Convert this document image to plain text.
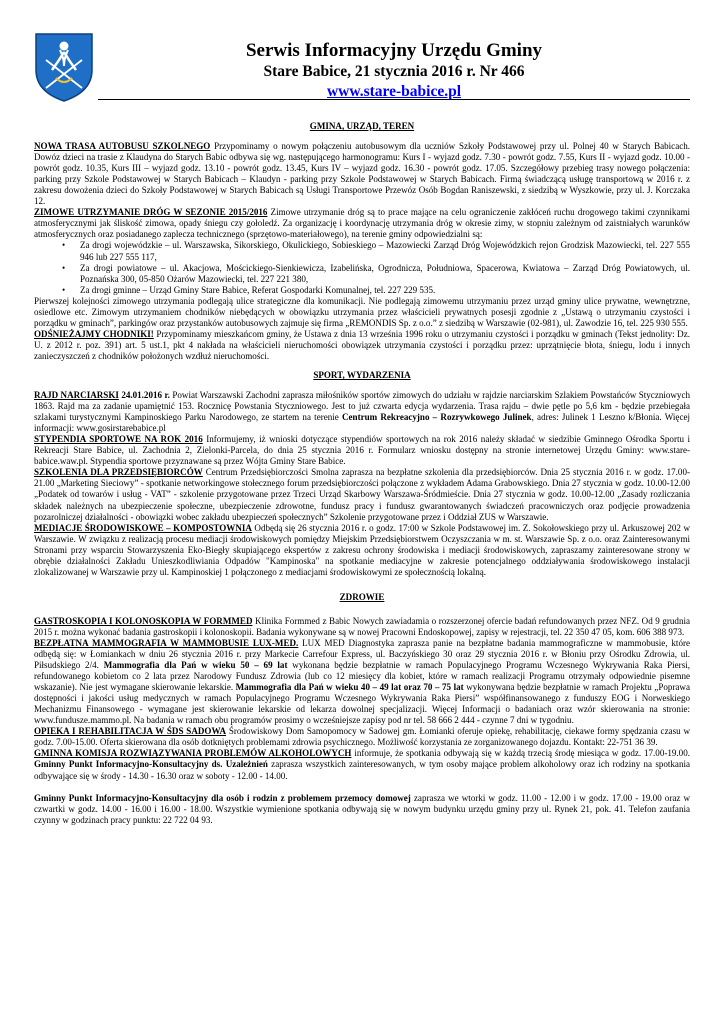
Serwis Informacyjny Urzędu Gminy
Stare Babice, 21 stycznia 2016 r. Nr 466
www.stare-babice.pl
GMINA, URZĄD, TEREN

NOWA TRASA AUTOBUSU SZKOLNEGO Przypominamy o nowym połączeniu autobusowym dla uczniów Szkoły Podstawowej przy ul. Polnej 40 w Starych Babicach. Dowóz dzieci na trasie z Klaudyna do Starych Babic odbywa się wg. następującego harmonogramu: Kurs I - wyjazd godz. 7.30 - powrót godz. 7.55, Kurs II - wyjazd godz. 10.00 - powrót godz. 10.35, Kurs III – wyjazd godz. 13.10 - powrót godz. 13.45, Kurs IV – wyjazd godz. 16.30 - powrót godz. 17.05. Szczegółowy przebieg trasy nowego połączenia: parking przy Szkole Podstawowej w Starych Babicach – Klaudyn - parking przy Szkole Podstawowej w Starych Babicach. Firmą świadczącą usługę transportową w 2016 r. z zakresu dowożenia dzieci do Szkoły Podstawowej w Starych Babicach są Usługi Transportowe Przewóz Osób Bogdan Raniszewski, z siedzibą w Wyszkowie, przy ul. J. Korczaka 12.

ZIMOWE UTRZYMANIE DRÓG W SEZONIE 2015/2016 Zimowe utrzymanie dróg są to prace mające na celu ograniczenie zakłóceń ruchu drogowego takimi czynnikami atmosferycznymi jak śliskość zimowa, opady śniegu czy gołoledź. Za organizację i koordynację utrzymania dróg w okresie zimy, w stopniu zależnym od zaistniałych warunków atmosferycznych oraz posiadanego zaplecza technicznego (sprzętowo-materiałowego), na terenie gminy odpowiedzialni są:

• Za drogi wojewódzkie – ul. Warszawska, Sikorskiego, Okulickiego, Sobieskiego – Mazowiecki Zarząd Dróg Wojewódzkich rejon Grodzisk Mazowiecki, tel. 227 555 946 lub 227 555 117,
• Za drogi powiatowe – ul. Akacjowa, Mościckiego-Sienkiewicza, Izabelińska, Ogrodnicza, Południowa, Spacerowa, Kwiatowa – Zarząd Dróg Powiatowych, ul. Poznańska 300, 05-850 Ożarów Mazowiecki, tel. 227 221 380,
• Za drogi gminne – Urząd Gminy Stare Babice, Referat Gospodarki Komunalnej, tel. 227 229 535.

Pierwszej kolejności zimowego utrzymania podlegają ulice strategiczne dla komunikacji. Nie podlegają zimowemu utrzymaniu przez urząd gminy ulice prywatne, wewnętrzne, osiedlowe etc. Zimowym utrzymaniem chodników niebędących w obowiązku utrzymania przez właścicieli prywatnych posesji zgodnie z „Ustawą o utrzymaniu czystości i porządku w gminach”, parkingów oraz przystanków autobusowych zajmuje się firma „REMONDIS Sp. z o.o.” z siedzibą w Warszawie (02-981), ul. Zawodzie 16, tel. 225 930 555.

ODŚNIEŻAJMY CHODNIKI! Przypominamy mieszkańcom gminy, że Ustawa z dnia 13 września 1996 roku o utrzymaniu czystości i porządku w gminach (Tekst jednolity: Dz. U. z 2012 r. poz. 391) art. 5 ust.1, pkt 4 nakłada na właścicieli nieruchomości obowiązek utrzymania czystości i porządku przez: uprzątnięcie błota, śniegu, lodu i innych zanieczyszczeń z chodników położonych wzdłuż nieruchomości.

SPORT, WYDARZENIA

RAJD NARCIARSKI 24.01.2016 r. Powiat Warszawski Zachodni zaprasza miłośników sportów zimowych do udziału w rajdzie narciarskim Szlakiem Powstańców Styczniowych 1863. Rajd ma za zadanie upamiętnić 153. Rocznicę Powstania Styczniowego. Jest to już czwarta edycja wydarzenia. Trasa rajdu – dwie pętle po 5,6 km - będzie przebiegała szlakami turystycznymi Kampinoskiego Parku Narodowego, ze startem na terenie Centrum Rekreacyjno – Rozrywkowego Julinek, adres: Julinek 1 Leszno k/Błonia. Więcej informacji: www.gosirstarebabice.pl

STYPENDIA SPORTOWE NA ROK 2016 Informujemy, iż wnioski dotyczące stypendiów sportowych na rok 2016 należy składać w siedzibie Gminnego Ośrodka Sportu i Rekreacji Stare Babice, ul. Zachodnia 2, Zielonki-Parcela, do dnia 25 stycznia 2016 r. Formularz wniosku dostępny na stronie internetowej Urzędu Gminy: www.stare-babice.waw.pl. Stypendia sportowe przyznawane są przez Wójta Gminy Stare Babice.

SZKOLENIA DLA PRZEDSIĘBIORCÓW Centrum Przedsiębiorczości Smolna zaprasza na bezpłatne szkolenia dla przedsiębiorców. Dnia 25 stycznia 2016 r. w godz. 17.00-21.00 „Marketing Sieciowy” - spotkanie networkingowe stołecznego forum przedsiębiorczości połączone z wykładem Adama Grabowskiego. Dnia 27 stycznia w godz. 10.00-12.00 „Podatek od towarów i usług - VAT” - szkolenie przygotowane przez Trzeci Urząd Skarbowy Warszawa-Śródmieście. Dnia 27 stycznia w godz. 10.00-12.00 „Zasady rozliczania składek należnych na ubezpieczenie społeczne, ubezpieczenie zdrowotne, fundusz pracy i fundusz gwarantowanych świadczeń pracowniczych oraz podjęcie prowadzenia pozarolniczej działalności - obowiązki wobec zakładu ubezpieczeń społecznych” Szkolenie przygotowane przez i Oddział ZUS w Warszawie.

MEDIACJE ŚRODOWISKOWE – KOMPOSTOWNIA Odbędą się 26 stycznia 2016 r. o godz. 17:00 w Szkole Podstawowej im. Z. Sokołowskiego przy ul. Arkuszowej 202 w Warszawie. W związku z realizacją procesu mediacji środowiskowych pomiędzy Miejskim Przedsiębiorstwem Oczyszczania w m. st. Warszawie Sp. z o.o. oraz Zainteresowanymi Stronami przy wsparciu Stowarzyszenia Eko-Biegły skupiającego ekspertów z zakresu ochrony środowiska i mediacji środowiskowych, zapraszamy zainteresowane strony w obrębie działalności Zakładu Unieszkodliwiania Odpadów "Kampinoska" na spotkanie mediacyjne w zakresie potencjalnego oddziaływania środowiskowego instalacji zlokalizowanej w Warszawie przy ul. Kampinoskiej 1 połączonego z mediacjami środowiskowymi ze społecznością lokalną.

ZDROWIE

GASTROSKOPIA I KOLONOSKOPIA W FORMMED Klinika Formmed z Babic Nowych zawiadamia o rozszerzonej ofercie badań refundowanych przez NFZ. Od 9 grudnia 2015 r. można wykonać badania gastroskopii i kolonoskopii. Badania wykonywane są w nowej Pracowni Endoskopowej, zapisy w rejestracji, tel. 22 350 47 05, kom. 606 388 973.

BEZPŁATNA MAMMOGRAFIA W MAMMOBUSIE LUX-MED. LUX MED Diagnostyka zaprasza panie na bezpłatne badania mammograficzne w mammobusie, które odbędą się: w Łomiankach w dniu 26 stycznia 2016 r. przy Markecie Carrefour Express, ul. Baczyńskiego 30 oraz 29 stycznia 2016 r. w Błoniu przy Ośrodku Zdrowia, ul. Piłsudskiego 2/4. Mammografia dla Pań w wieku 50 – 69 lat wykonana będzie bezpłatnie w ramach Populacyjnego Programu Wczesnego Wykrywania Raka Piersi, refundowanego kobietom co 2 lata przez Narodowy Fundusz Zdrowia (lub co 12 miesięcy dla kobiet, które w ramach realizacji Programu otrzymały odpowiednie pisemne wskazanie). Nie jest wymagane skierowanie lekarskie. Mammografia dla Pań w wieku 40 – 49 lat oraz 70 – 75 lat wykonywana będzie bezpłatnie w ramach Projektu „Poprawa dostępności i jakości usług medycznych w ramach Populacyjnego Programu Wczesnego Wykrywania Raka Piersi” współfinansowanego z funduszy EOG i Norweskiego Mechanizmu Finansowego - wymagane jest skierowanie lekarskie od lekarza dowolnej specjalizacji. Więcej Informacji o badaniach oraz wzór skierowania na stronie: www.fundusze.mammo.pl. Na badania w ramach obu programów prosimy o wcześniejsze zapisy pod nr tel. 58 666 2 444 - czynne 7 dni w tygodniu.

OPIEKA I REHABILITACJA W ŚDS SADOWA Środowiskowy Dom Samopomocy w Sadowej gm. Łomianki oferuje opiekę, rehabilitację, ciekawe formy spędzania czasu w godz. 7.00-15.00. Oferta skierowana dla osób dotkniętych problemami zdrowia psychicznego. Możliwość korzystania ze zorganizowanego dojazdu. Kontakt: 22-751 36 39.

GMINNA KOMISJA ROZWIĄZYWANIA PROBLEMÓW ALKOHOLOWYCH informuje, że spotkania odbywają się w każdą trzecią środę miesiąca w godz. 17.00-19.00. Gminny Punkt Informacyjno-Konsultacyjny ds. Uzależnień zaprasza wszystkich zainteresowanych, w tym osoby mające problem alkoholowy oraz ich rodziny na spotkania odbywające się w środy - 14.30 - 16.30 oraz w soboty - 12.00 - 14.00.

Gminny Punkt Informacyjno-Konsultacyjny dla osób i rodzin z problemem przemocy domowej zaprasza we wtorki w godz. 11.00 - 12.00 i w godz. 17.00 - 19.00 oraz w czwartki w godz. 14.00 - 16.00 i 16.00 - 18.00. Wszystkie wymienione spotkania odbywają się w nowym budynku urzędu gminy przy ul. Rynek 21, pok. 41. Telefon zaufania czynny w godzinach pracy punktu: 22 722 04 93.
